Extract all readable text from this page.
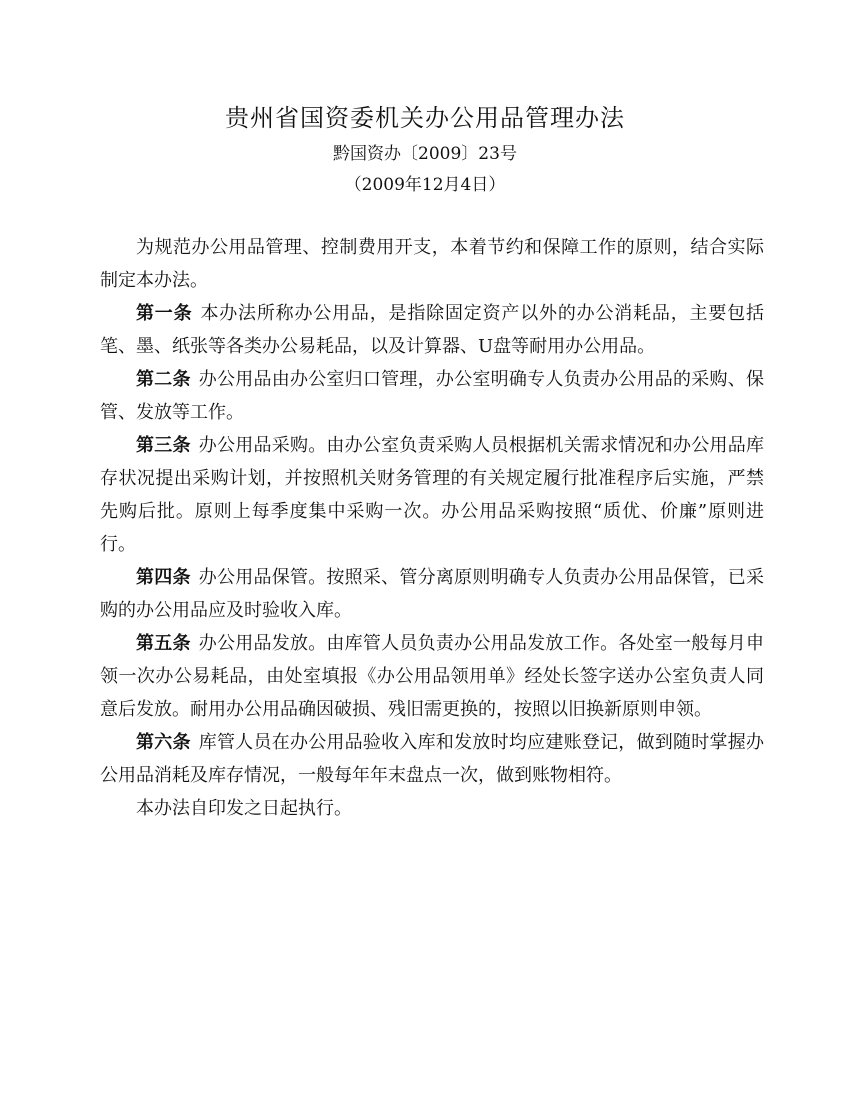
贵州省国资委机关办公用品管理办法
黔国资办〔2009〕23号
（2009年12月4日）

为规范办公用品管理、控制费用开支，本着节约和保障工作的原则，结合实际制定本办法。

第一条 本办法所称办公用品，是指除固定资产以外的办公消耗品，主要包括笔、墨、纸张等各类办公易耗品，以及计算器、U盘等耐用办公用品。

第二条 办公用品由办公室归口管理，办公室明确专人负责办公用品的采购、保管、发放等工作。

第三条 办公用品采购。由办公室负责采购人员根据机关需求情况和办公用品库存状况提出采购计划，并按照机关财务管理的有关规定履行批准程序后实施，严禁先购后批。原则上每季度集中采购一次。办公用品采购按照“质优、价廉”原则进行。

第四条 办公用品保管。按照采、管分离原则明确专人负责办公用品保管，已采购的办公用品应及时验收入库。

第五条 办公用品发放。由库管人员负责办公用品发放工作。各处室一般每月申领一次办公易耗品，由处室填报《办公用品领用单》经处长签字送办公室负责人同意后发放。耐用办公用品确因破损、残旧需更换的，按照以旧换新原则申领。

第六条 库管人员在办公用品验收入库和发放时均应建账登记，做到随时掌握办公用品消耗及库存情况，一般每年年末盘点一次，做到账物相符。

本办法自印发之日起执行。
